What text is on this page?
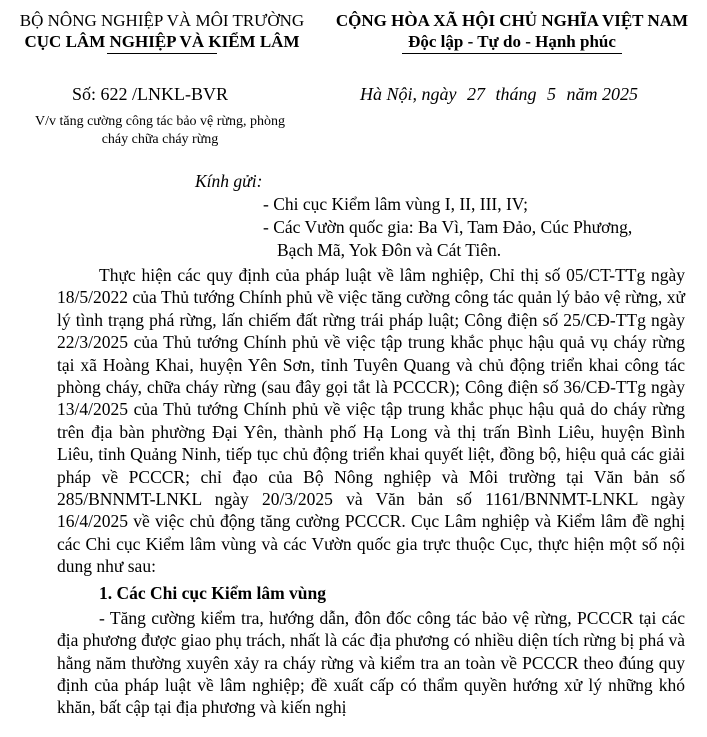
BỘ NÔNG NGHIỆP VÀ MÔI TRƯỜNG
CỤC LÂM NGHIỆP VÀ KIỂM LÂM
CỘNG HÒA XÃ HỘI CHỦ NGHĨA VIỆT NAM
Độc lập - Tự do - Hạnh phúc
Số: 622 /LNKL-BVR
V/v tăng cường công tác bảo vệ rừng, phòng
cháy chữa cháy rừng
Hà Nội, ngày 27 tháng 5 năm 2025
Kính gửi:
- Chi cục Kiểm lâm vùng I, II, III, IV;
- Các Vườn quốc gia: Ba Vì, Tam Đảo, Cúc Phương,
Bạch Mã, Yok Đôn và Cát Tiên.

Thực hiện các quy định của pháp luật về lâm nghiệp, Chỉ thị số 05/CT-TTg ngày 18/5/2022 của Thủ tướng Chính phủ về việc tăng cường công tác quản lý bảo vệ rừng, xử lý tình trạng phá rừng, lấn chiếm đất rừng trái pháp luật; Công điện số 25/CĐ-TTg ngày 22/3/2025 của Thủ tướng Chính phủ về việc tập trung khắc phục hậu quả vụ cháy rừng tại xã Hoàng Khai, huyện Yên Sơn, tỉnh Tuyên Quang và chủ động triển khai công tác phòng cháy, chữa cháy rừng (sau đây gọi tắt là PCCCR); Công điện số 36/CĐ-TTg ngày 13/4/2025 của Thủ tướng Chính phủ về việc tập trung khắc phục hậu quả do cháy rừng trên địa bàn phường Đại Yên, thành phố Hạ Long và thị trấn Bình Liêu, huyện Bình Liêu, tỉnh Quảng Ninh, tiếp tục chủ động triển khai quyết liệt, đồng bộ, hiệu quả các giải pháp về PCCCR; chỉ đạo của Bộ Nông nghiệp và Môi trường tại Văn bản số 285/BNNMT-LNKL ngày 20/3/2025 và Văn bản số 1161/BNNMT-LNKL ngày 16/4/2025 về việc chủ động tăng cường PCCCR. Cục Lâm nghiệp và Kiểm lâm đề nghị các Chi cục Kiểm lâm vùng và các Vườn quốc gia trực thuộc Cục, thực hiện một số nội dung như sau:

1. Các Chi cục Kiểm lâm vùng

- Tăng cường kiểm tra, hướng dẫn, đôn đốc công tác bảo vệ rừng, PCCCR tại các địa phương được giao phụ trách, nhất là các địa phương có nhiều diện tích rừng bị phá và hằng năm thường xuyên xảy ra cháy rừng và kiểm tra an toàn về PCCCR theo đúng quy định của pháp luật về lâm nghiệp; đề xuất cấp có thẩm quyền hướng xử lý những khó khăn, bất cập tại địa phương và kiến nghị
